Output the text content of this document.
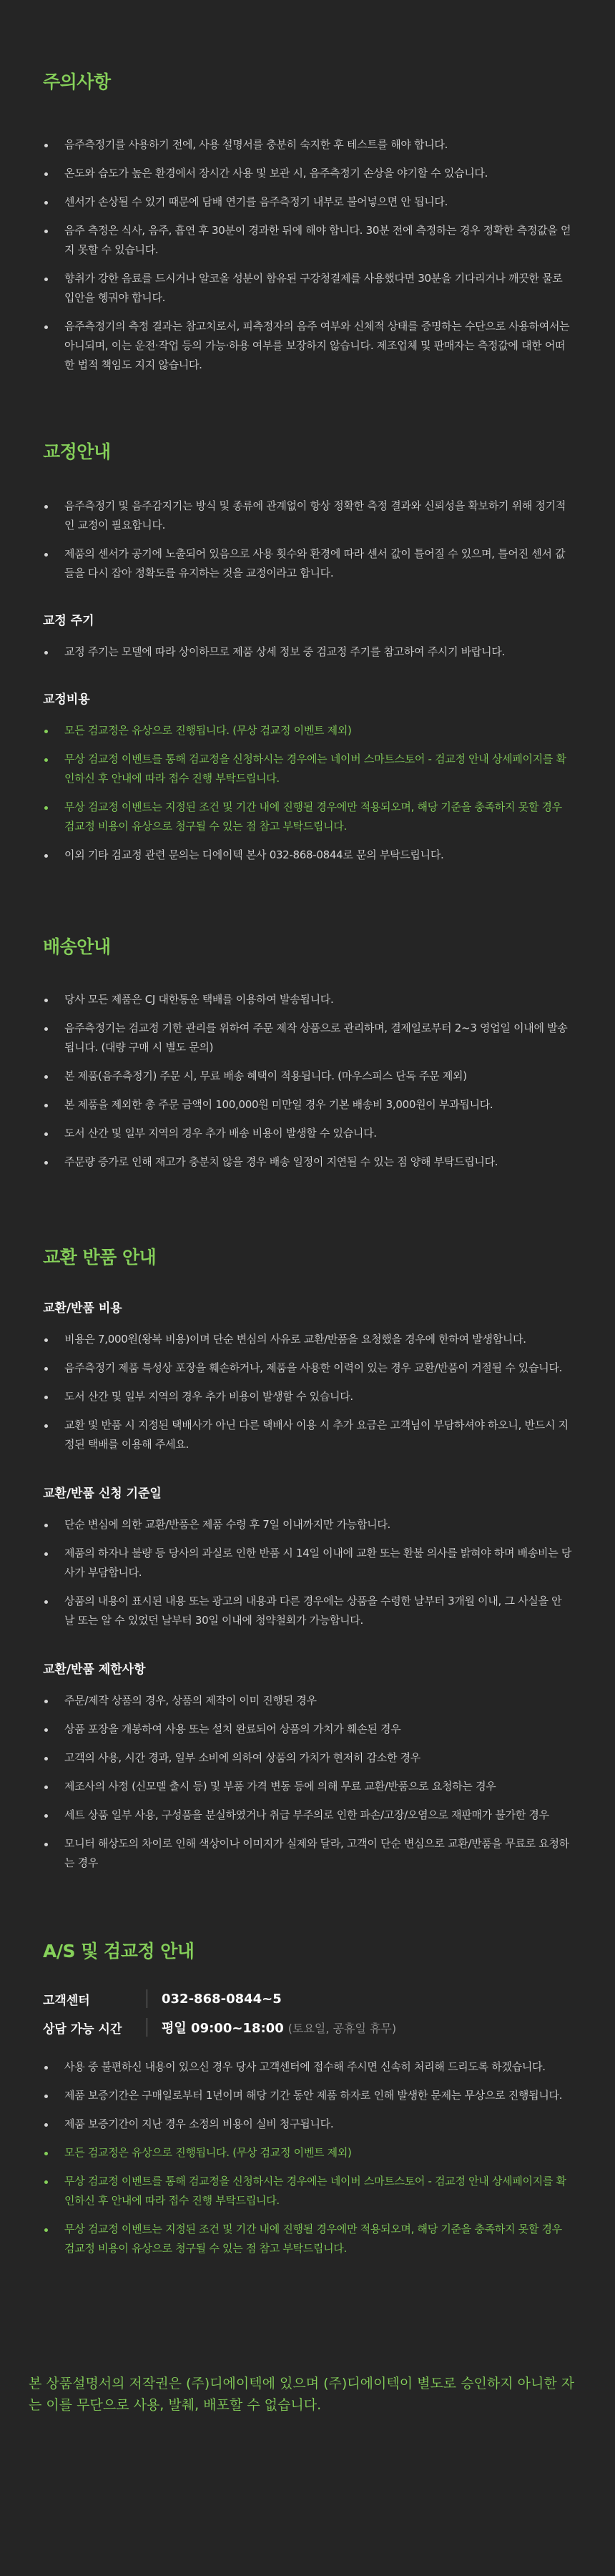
주의사항
음주측정기를 사용하기 전에, 사용 설명서를 충분히 숙지한 후 테스트를 해야 합니다.
온도와 습도가 높은 환경에서 장시간 사용 및 보관 시, 음주측정기 손상을 야기할 수 있습니다.
센서가 손상될 수 있기 때문에 담배 연기를 음주측정기 내부로 불어넣으면 안 됩니다.
음주 측정은 식사, 음주, 흡연 후 30분이 경과한 뒤에 해야 합니다. 30분 전에 측정하는 경우 정확한 측정값을 얻지 못할 수 있습니다.
향취가 강한 음료를 드시거나 알코올 성분이 함유된 구강청결제를 사용했다면 30분을 기다리거나 깨끗한 물로 입안을 헹궈야 합니다.
음주측정기의 측정 결과는 참고치로서, 피측정자의 음주 여부와 신체적 상태를 증명하는 수단으로 사용하여서는 아니되며, 이는 운전·작업 등의 가능·하용 여부를 보장하지 않습니다. 제조업체 및 판매자는 측정값에 대한 어떠한 법적 책임도 지지 않습니다.
교정안내
음주측정기 및 음주감지기는 방식 및 종류에 관계없이 항상 정확한 측정 결과와 신뢰성을 확보하기 위해 정기적인 교정이 필요합니다.
제품의 센서가 공기에 노출되어 있음으로 사용 횟수와 환경에 따라 센서 값이 틀어질 수 있으며, 틀어진 센서 값들을 다시 잡아 정확도를 유지하는 것을 교정이라고 합니다.
교정 주기
교정 주기는 모델에 따라 상이하므로 제품 상세 정보 중 검교정 주기를 참고하여 주시기 바랍니다.
교정비용
모든 검교정은 유상으로 진행됩니다. (무상 검교정 이벤트 제외)
무상 검교정 이벤트를 통해 검교정을 신청하시는 경우에는 네이버 스마트스토어 - 검교정 안내 상세페이지를 확인하신 후 안내에 따라 접수 진행 부탁드립니다.
무상 검교정 이벤트는 지정된 조건 및 기간 내에 진행될 경우에만 적용되오며, 해당 기준을 충족하지 못할 경우 검교정 비용이 유상으로 청구될 수 있는 점 참고 부탁드립니다.
이외 기타 검교정 관련 문의는 디에이텍 본사 032-868-0844로 문의 부탁드립니다.
배송안내
당사 모든 제품은 CJ 대한통운 택배를 이용하여 발송됩니다.
음주측정기는 검교정 기한 관리를 위하여 주문 제작 상품으로 관리하며, 결제일로부터 2~3 영업일 이내에 발송됩니다. (대량 구매 시 별도 문의)
본 제품(음주측정기) 주문 시, 무료 배송 혜택이 적용됩니다. (마우스피스 단독 주문 제외)
본 제품을 제외한 총 주문 금액이 100,000원 미만일 경우 기본 배송비 3,000원이 부과됩니다.
도서 산간 및 일부 지역의 경우 추가 배송 비용이 발생할 수 있습니다.
주문량 증가로 인해 재고가 충분치 않을 경우 배송 일정이 지연될 수 있는 점 양해 부탁드립니다.
교환 반품 안내
교환/반품 비용
비용은 7,000원(왕복 비용)이며 단순 변심의 사유로 교환/반품을 요청했을 경우에 한하여 발생합니다.
음주측정기 제품 특성상 포장을 훼손하거나, 제품을 사용한 이력이 있는 경우 교환/반품이 거절될 수 있습니다.
도서 산간 및 일부 지역의 경우 추가 비용이 발생할 수 있습니다.
교환 및 반품 시 지정된 택배사가 아닌 다른 택배사 이용 시 추가 요금은 고객님이 부담하셔야 하오니, 반드시 지정된 택배를 이용해 주세요.
교환/반품 신청 기준일
단순 변심에 의한 교환/반품은 제품 수령 후 7일 이내까지만 가능합니다.
제품의 하자나 불량 등 당사의 과실로 인한 반품 시 14일 이내에 교환 또는 환불 의사를 밝혀야 하며 배송비는 당사가 부담합니다.
상품의 내용이 표시된 내용 또는 광고의 내용과 다른 경우에는 상품을 수령한 날부터 3개월 이내, 그 사실을 안 날 또는 알 수 있었던 날부터 30일 이내에 청약철회가 가능합니다.
교환/반품 제한사항
주문/제작 상품의 경우, 상품의 제작이 이미 진행된 경우
상품 포장을 개봉하여 사용 또는 설치 완료되어 상품의 가치가 훼손된 경우
고객의 사용, 시간 경과, 일부 소비에 의하여 상품의 가치가 현저히 감소한 경우
제조사의 사정 (신모델 출시 등) 및 부품 가격 변동 등에 의해 무료 교환/반품으로 요청하는 경우
세트 상품 일부 사용, 구성품을 분실하였거나 취급 부주의로 인한 파손/고장/오염으로 재판매가 불가한 경우
모니터 해상도의 차이로 인해 색상이나 이미지가 실제와 달라, 고객이 단순 변심으로 교환/반품을 무료로 요청하는 경우
A/S 및 검교정 안내
고객센터	032-868-0844~5
상담 가능 시간	평일 09:00~18:00 (토요일, 공휴일 휴무)
사용 중 불편하신 내용이 있으신 경우 당사 고객센터에 접수해 주시면 신속히 처리해 드리도록 하겠습니다.
제품 보증기간은 구매일로부터 1년이며 해당 기간 동안 제품 하자로 인해 발생한 문제는 무상으로 진행됩니다.
제품 보증기간이 지난 경우 소정의 비용이 실비 청구됩니다.
모든 검교정은 유상으로 진행됩니다. (무상 검교정 이벤트 제외)
무상 검교정 이벤트를 통해 검교정을 신청하시는 경우에는 네이버 스마트스토어 - 검교정 안내 상세페이지를 확인하신 후 안내에 따라 접수 진행 부탁드립니다.
무상 검교정 이벤트는 지정된 조건 및 기간 내에 진행될 경우에만 적용되오며, 해당 기준을 충족하지 못할 경우 검교정 비용이 유상으로 청구될 수 있는 점 참고 부탁드립니다.

본 상품설명서의 저작권은 (주)디에이텍에 있으며 (주)디에이텍이 별도로 승인하지 아니한 자는 이를 무단으로 사용, 발췌, 배포할 수 없습니다.
